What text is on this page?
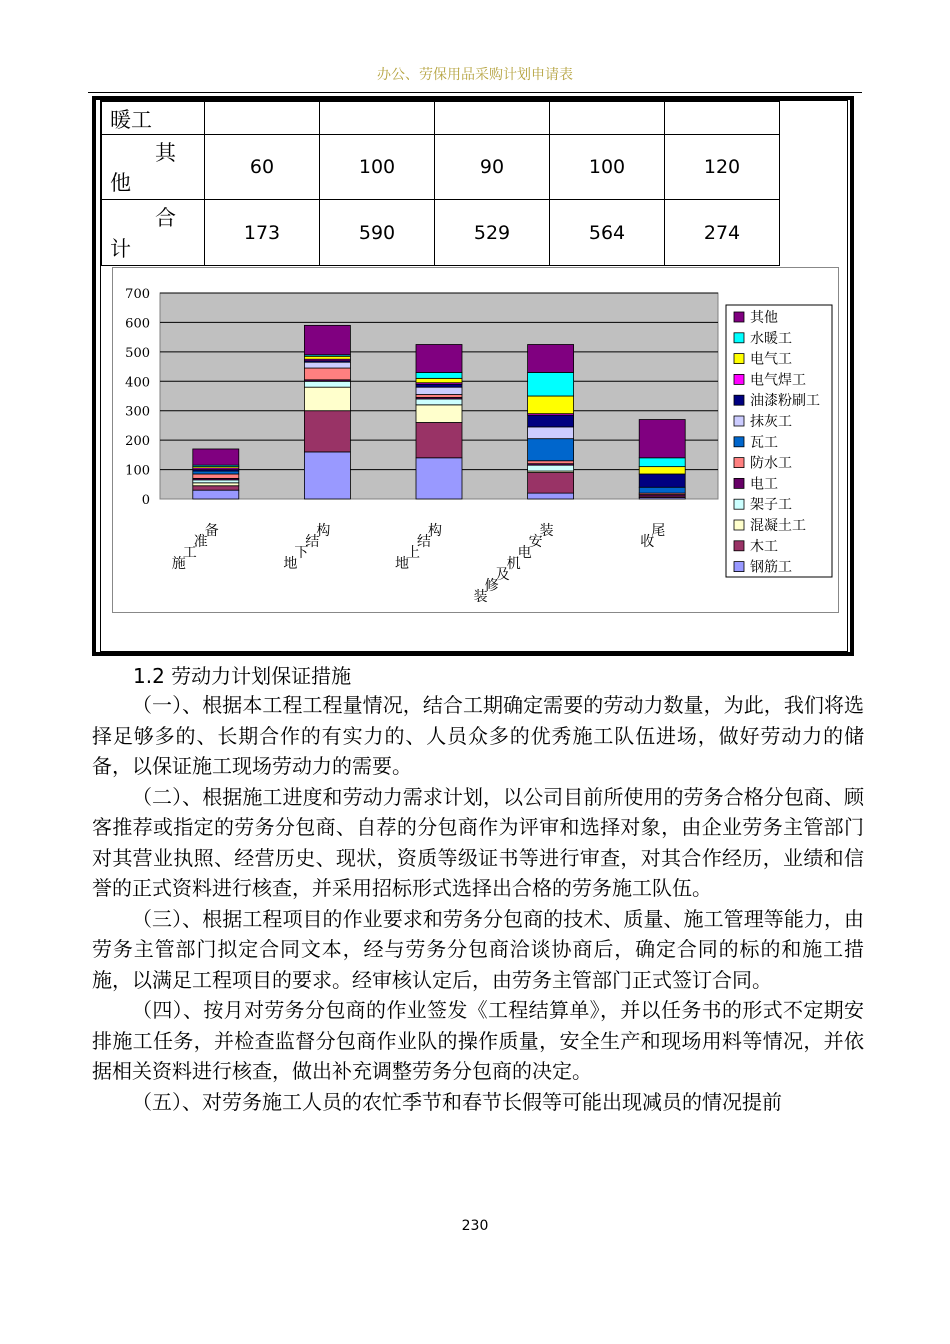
办公、劳保用品采购计划申请表
暖工					

其
他	60	100	90	100	120

合
计	173	590	529	564	274
0
100
200
300
400
500
600
700
施
工
准
备
地
下
结
构
地
上
结
构
装
修
及
机
电
安
装
收
尾
其他
水暖工
电气工
电气焊工
油漆粉刷工
抹灰工
瓦工
防水工
电工
架子工
混凝土工
木工
钢筋工
1.2 劳动力计划保证措施

（一）、根据本工程工程量情况，结合工期确定需要的劳动力数量，为此，我们将选择足够多的、长期合作的有实力的、人员众多的优秀施工队伍进场，做好劳动力的储备，以保证施工现场劳动力的需要。

（二）、根据施工进度和劳动力需求计划，以公司目前所使用的劳务合格分包商、顾客推荐或指定的劳务分包商、自荐的分包商作为评审和选择对象，由企业劳务主管部门对其营业执照、经营历史、现状，资质等级证书等进行审查，对其合作经历，业绩和信誉的正式资料进行核查，并采用招标形式选择出合格的劳务施工队伍。

（三）、根据工程项目的作业要求和劳务分包商的技术、质量、施工管理等能力，由劳务主管部门拟定合同文本，经与劳务分包商洽谈协商后，确定合同的标的和施工措施，以满足工程项目的要求。经审核认定后，由劳务主管部门正式签订合同。

（四）、按月对劳务分包商的作业签发《工程结算单》，并以任务书的形式不定期安排施工任务，并检查监督分包商作业队的操作质量，安全生产和现场用料等情况，并依据相关资料进行核查，做出补充调整劳务分包商的决定。

（五）、对劳务施工人员的农忙季节和春节长假等可能出现减员的情况提前

230
